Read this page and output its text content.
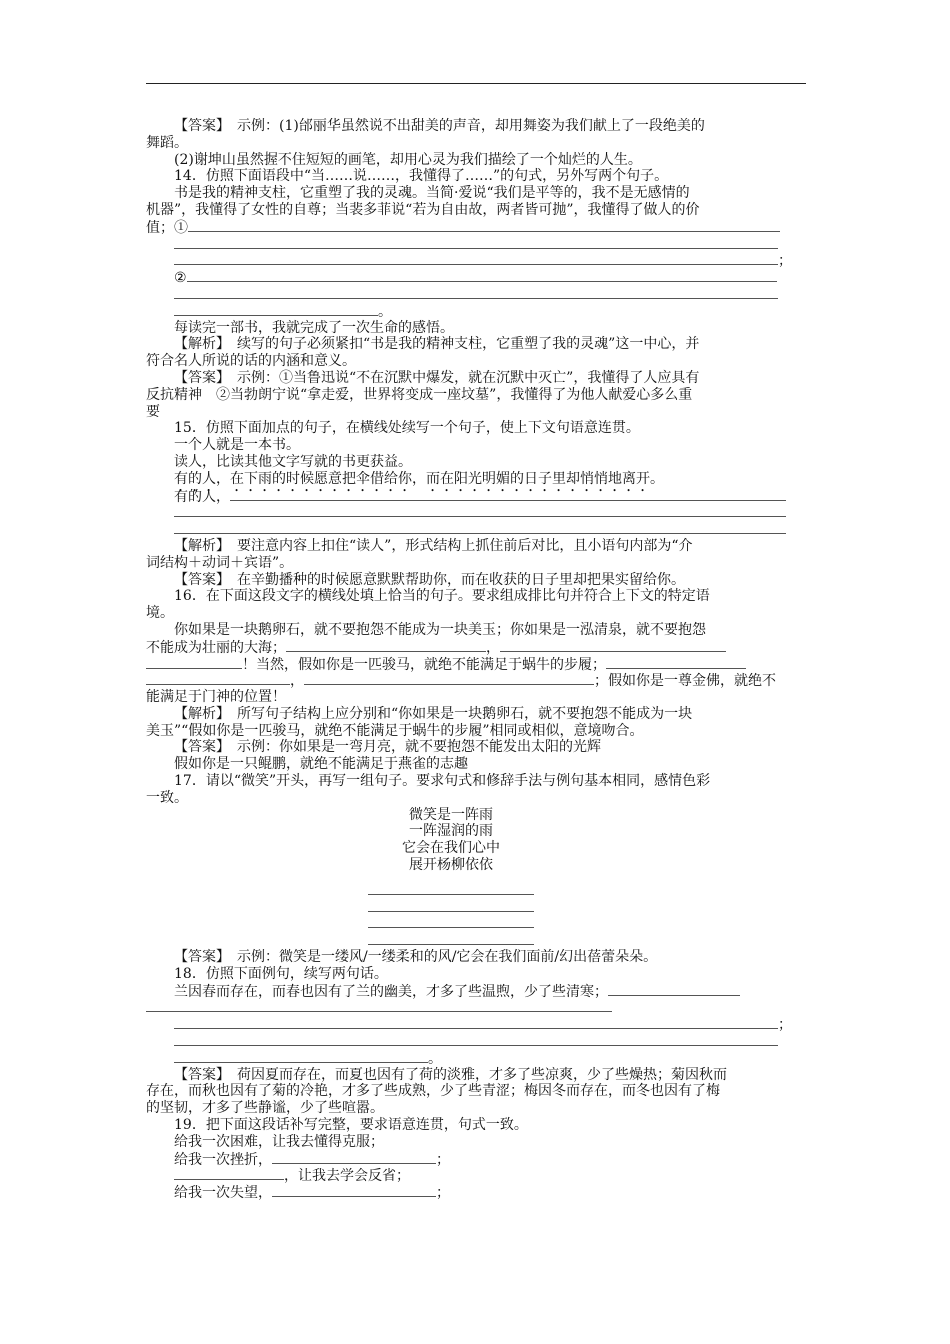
【答案】　示例：(1)邰丽华虽然说不出甜美的声音，却用舞姿为我们献上了一段绝美的
舞蹈。
(2)谢坤山虽然握不住短短的画笔，却用心灵为我们描绘了一个灿烂的人生。
14．仿照下面语段中“当……说……，我懂得了……”的句式，另外写两个句子。
书是我的精神支柱，它重塑了我的灵魂。当简·爱说“我们是平等的，我不是无感情的
机器”，我懂得了女性的自尊；当裴多菲说“若为自由故，两者皆可抛”，我懂得了做人的价
值；①
；
②
。
每读完一部书，我就完成了一次生命的感悟。
【解析】　续写的句子必须紧扣“书是我的精神支柱，它重塑了我的灵魂”这一中心，并
符合名人所说的话的内涵和意义。
【答案】　示例：①当鲁迅说“不在沉默中爆发，就在沉默中灭亡”，我懂得了人应具有
反抗精神　②当勃朗宁说“拿走爱，世界将变成一座坟墓”，我懂得了为他人献爱心多么重
要
15．仿照下面加点的句子，在横线处续写一个句子，使上下文句语意连贯。
一个人就是一本书。
读人，比读其他文字写就的书更获益。
有的人，在下雨的时候愿意把伞借给你，而在阳光明媚的日子里却悄悄地离开。
有的人，
【解析】　要注意内容上扣住“读人”，形式结构上抓住前后对比，且小语句内部为“介
词结构＋动词＋宾语”。
【答案】　在辛勤播种的时候愿意默默帮助你，而在收获的日子里却把果实留给你。
16．在下面这段文字的横线处填上恰当的句子。要求组成排比句并符合上下文的特定语
境。
你如果是一块鹅卵石，就不要抱怨不能成为一块美玉；你如果是一泓清泉，就不要抱怨
不能成为壮丽的大海；	，
！当然，假如你是一匹骏马，就绝不能满足于蜗牛的步履；
，	；假如你是一尊金佛，就绝不
能满足于门神的位置！
【解析】　所写句子结构上应分别和“你如果是一块鹅卵石，就不要抱怨不能成为一块
美玉”“假如你是一匹骏马，就绝不能满足于蜗牛的步履”相同或相似，意境吻合。
【答案】　示例：你如果是一弯月亮，就不要抱怨不能发出太阳的光辉
假如你是一只鲲鹏，就绝不能满足于燕雀的志趣
17．请以“微笑”开头，再写一组句子。要求句式和修辞手法与例句基本相同，感情色彩
一致。
微笑是一阵雨
一阵湿润的雨
它会在我们心中
展开杨柳依依
【答案】　示例：微笑是一缕风/一缕柔和的风/它会在我们面前/幻出蓓蕾朵朵。
18．仿照下面例句，续写两句话。
兰因春而存在，而春也因有了兰的幽美，才多了些温煦，少了些清寒；
；
。
【答案】　荷因夏而存在，而夏也因有了荷的淡雅，才多了些凉爽，少了些燥热；菊因秋而
存在，而秋也因有了菊的冷艳，才多了些成熟，少了些青涩；梅因冬而存在，而冬也因有了梅
的坚韧，才多了些静谧，少了些喧嚣。
19．把下面这段话补写完整，要求语意连贯，句式一致。
给我一次困难，让我去懂得克服；
给我一次挫折，	；
，让我去学会反省；
给我一次失望，	；
